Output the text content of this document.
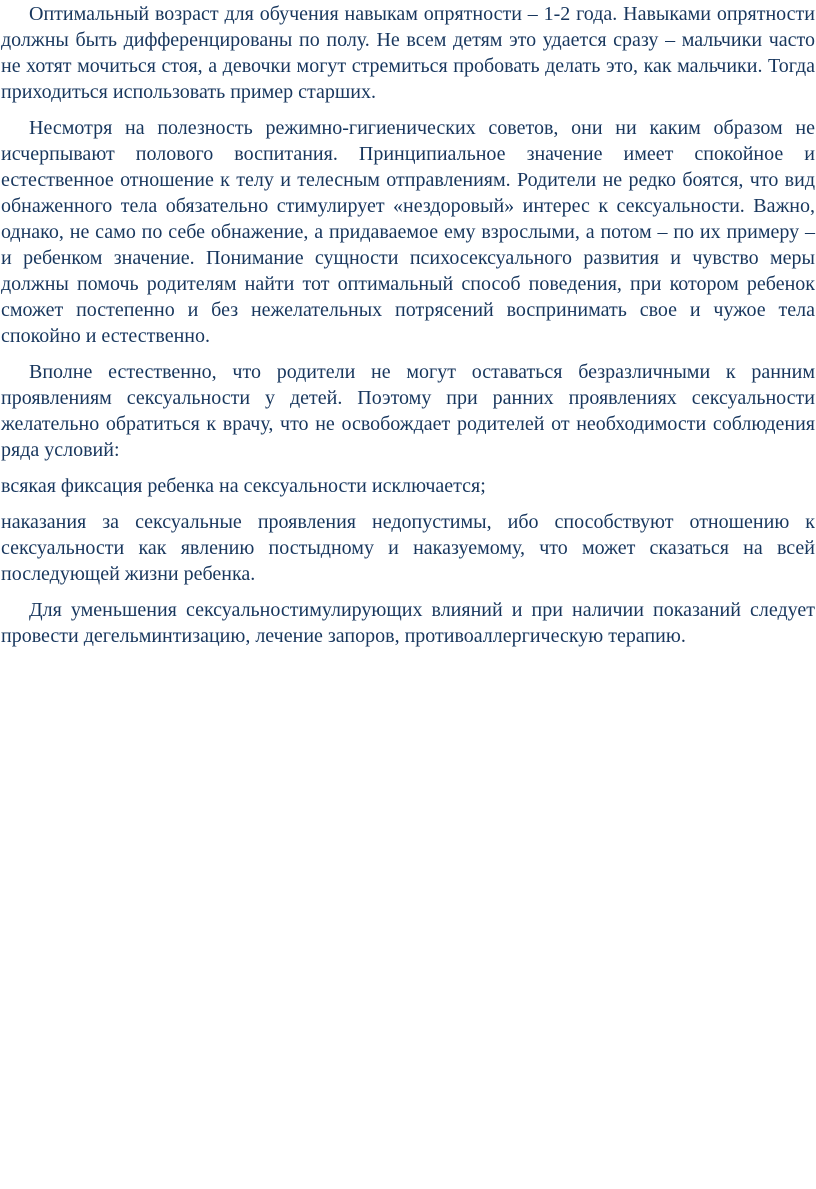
Оптимальный возраст для обучения навыкам опрятности – 1-2 года. Навыками опрятности должны быть дифференцированы по полу. Не всем детям это удается сразу – мальчики часто не хотят мочиться стоя, а девочки могут стремиться пробовать делать это, как мальчики. Тогда приходиться использовать пример старших.

Несмотря на полезность режимно-гигиенических советов, они ни каким образом не исчерпывают полового воспитания. Принципиальное значение имеет спокойное и естественное отношение к телу и телесным отправлениям. Родители не редко боятся, что вид обнаженного тела обязательно стимулирует «нездоровый» интерес к сексуальности. Важно, однако, не само по себе обнажение, а придаваемое ему взрослыми, а потом – по их примеру – и ребенком значение. Понимание сущности психосексуального развития и чувство меры должны помочь родителям найти тот оптимальный способ поведения, при котором ребенок сможет постепенно и без нежелательных потрясений воспринимать свое и чужое тела спокойно и естественно.

Вполне естественно, что родители не могут оставаться безразличными к ранним проявлениям сексуальности у детей. Поэтому при ранних проявлениях сексуальности желательно обратиться к врачу, что не освобождает родителей от необходимости соблюдения ряда условий:

всякая фиксация ребенка на сексуальности исключается;

наказания за сексуальные проявления недопустимы, ибо способствуют отношению к сексуальности как явлению постыдному и наказуемому, что может сказаться на всей последующей жизни ребенка.

Для уменьшения сексуальностимулирующих влияний и при наличии показаний следует провести дегельминтизацию, лечение запоров, противоаллергическую терапию.
